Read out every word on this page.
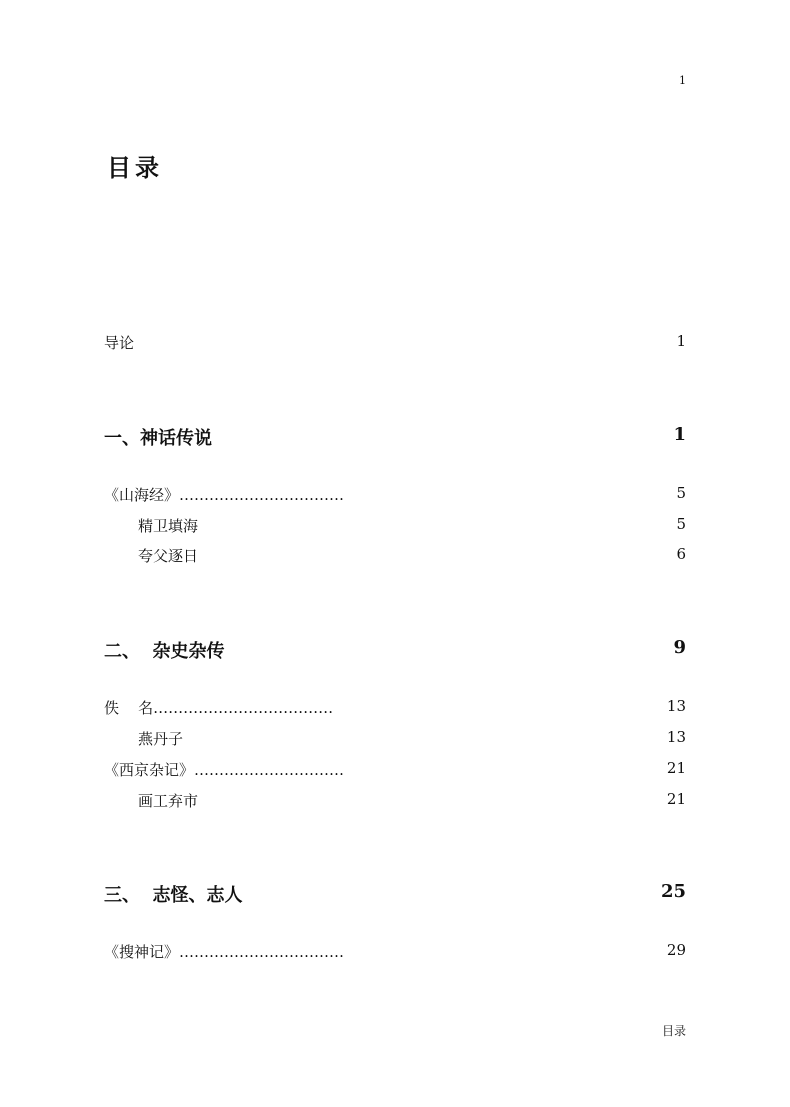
1
目录
导论	1
一、神话传说	1
《山海经》……………………………	5
精卫填海	5
夸父逐日	6
二、  杂史杂传	9
佚    名………………………………	13
燕丹子	13
《西京杂记》…………………………	21
画工弃市	21
三、  志怪、志人	25
《搜神记》……………………………	29
目录
